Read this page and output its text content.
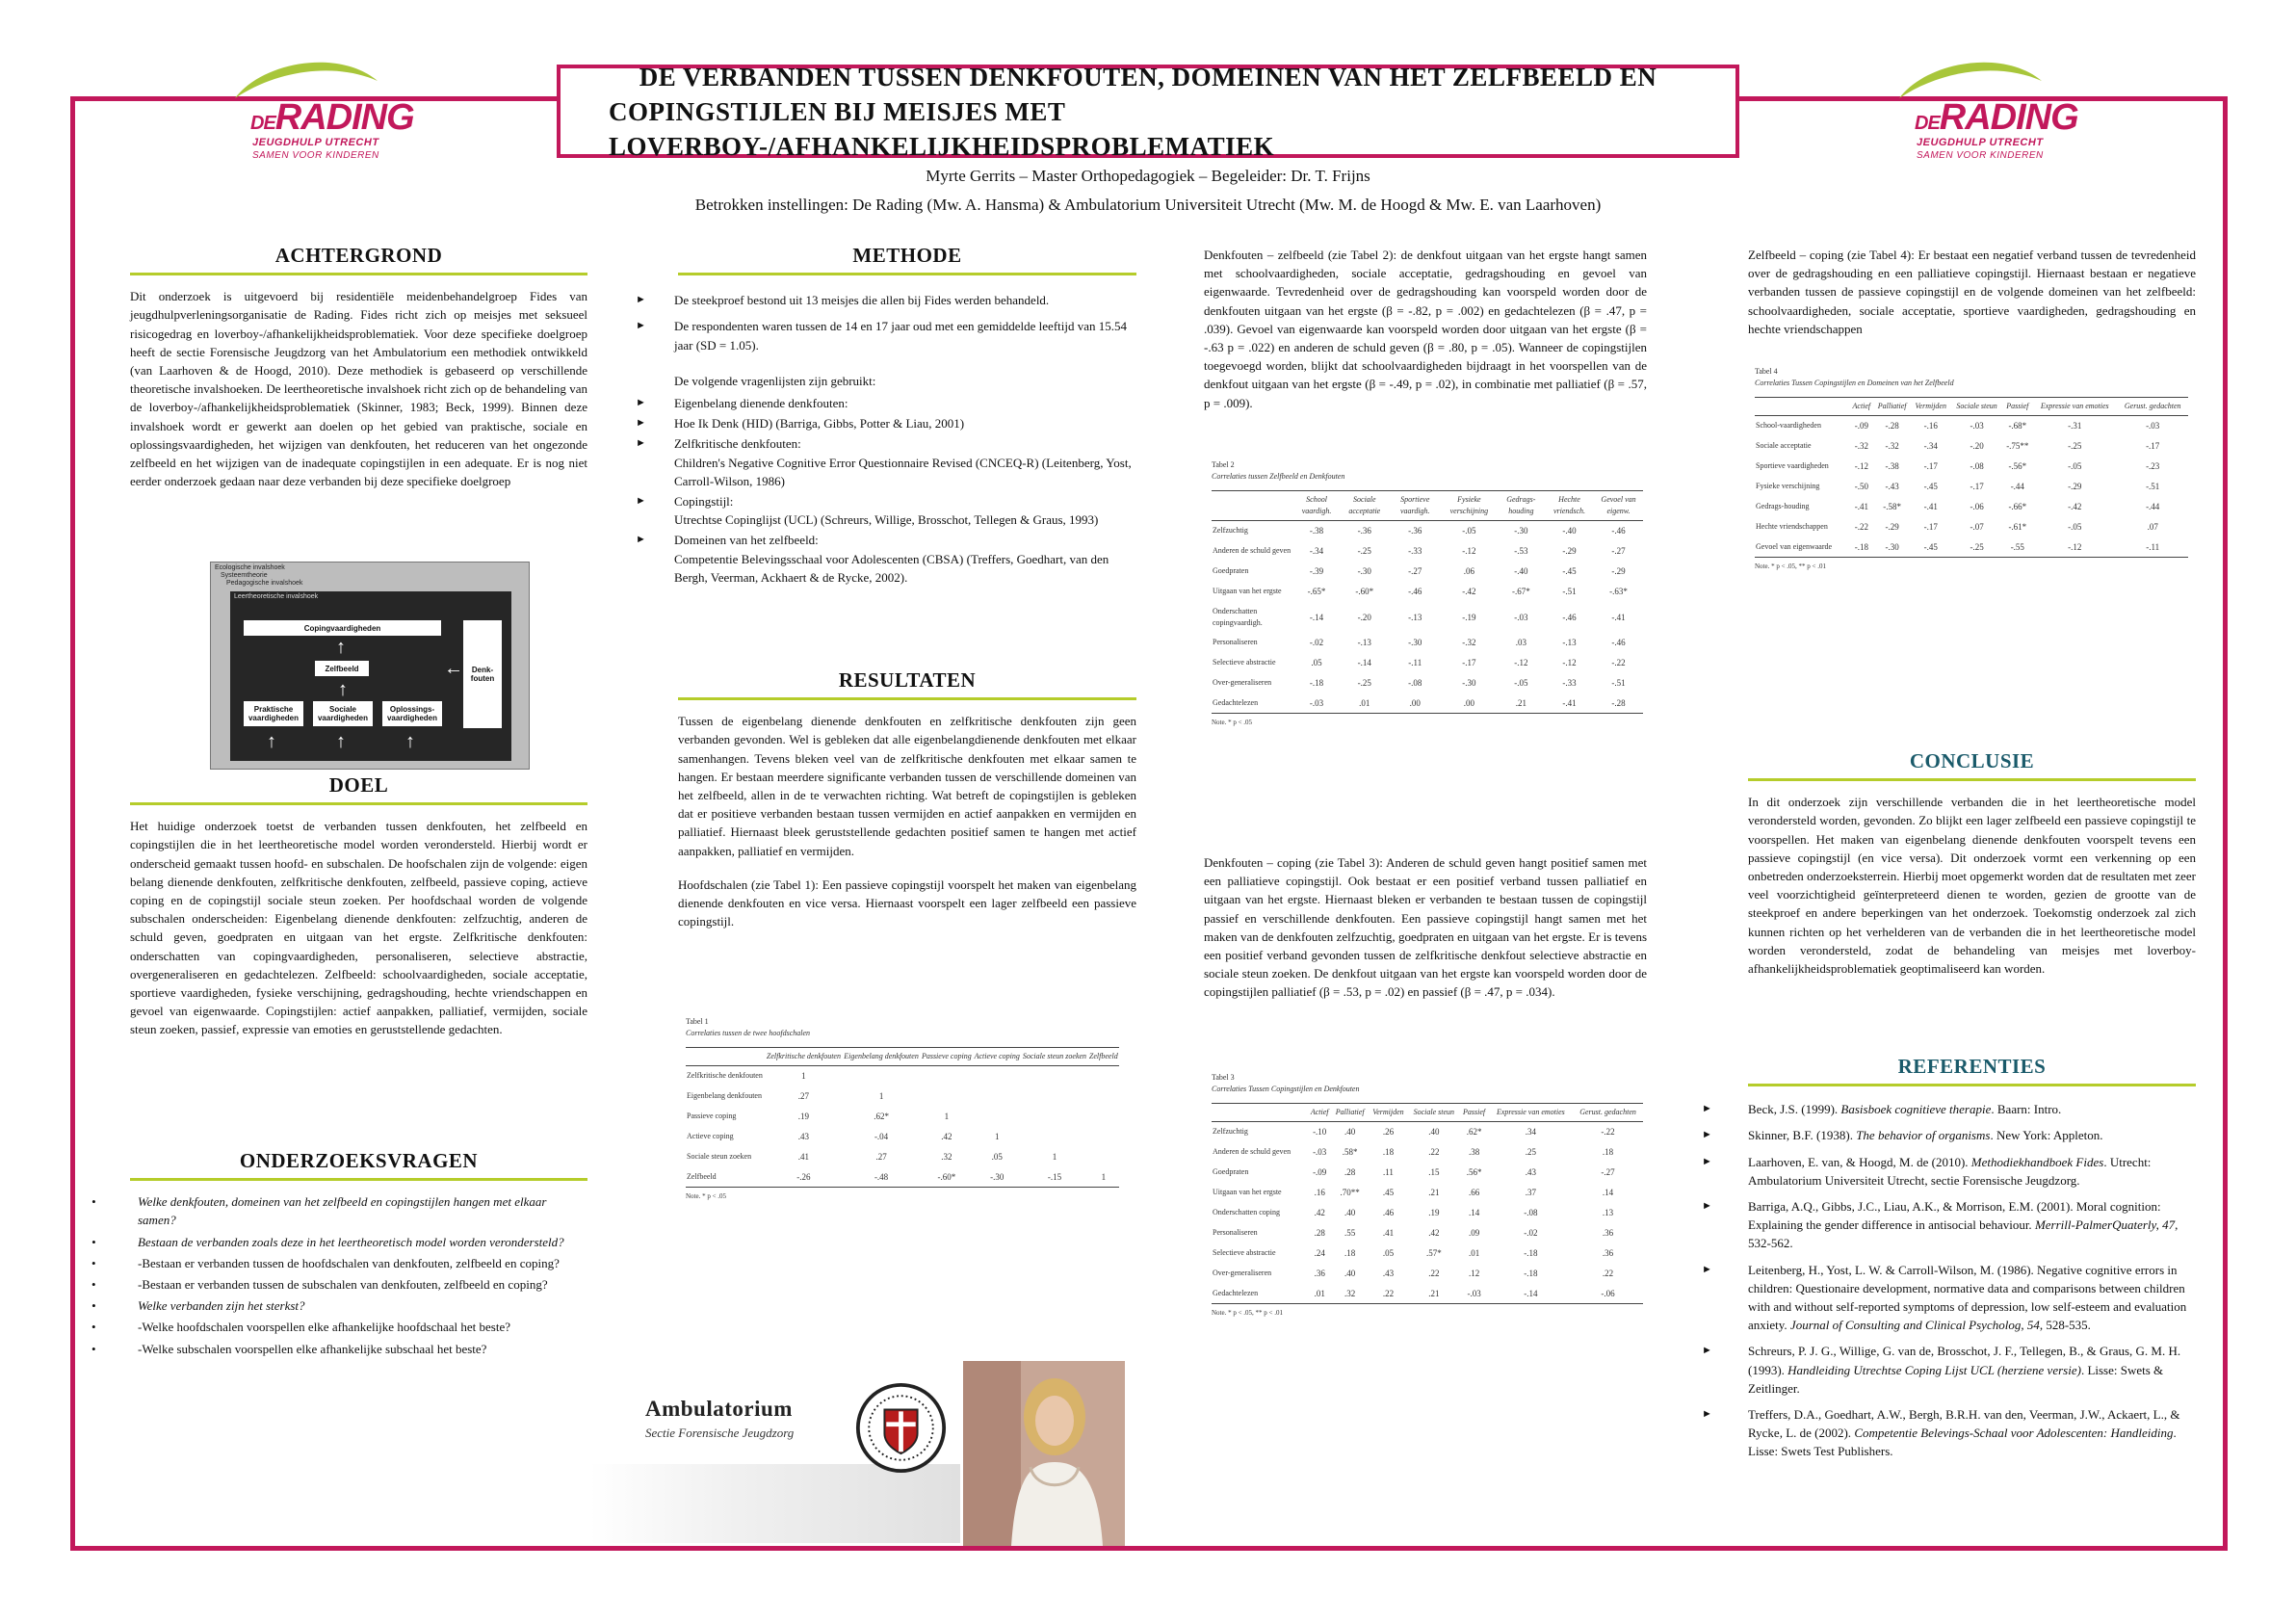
DERADING
JEUGDHULP UTRECHT
SAMEN VOOR KINDEREN
DERADING
JEUGDHULP UTRECHT
SAMEN VOOR KINDEREN
DE VERBANDEN TUSSEN DENKFOUTEN, DOMEINEN VAN HET ZELFBEELD EN
COPINGSTIJLEN BIJ MEISJES MET LOVERBOY-/AFHANKELIJKHEIDSPROBLEMATIEK
Myrte Gerrits – Master Orthopedagogiek – Begeleider: Dr. T. Frijns
Betrokken instellingen: De Rading (Mw. A. Hansma) & Ambulatorium Universiteit Utrecht (Mw. M. de Hoogd & Mw. E. van Laarhoven)
ACHTERGROND

Dit onderzoek is uitgevoerd bij residentiële meidenbehandelgroep Fides van jeugdhulpverleningsorganisatie de Rading. Fides richt zich op meisjes met seksueel risicogedrag en loverboy-/afhankelijkheidsproblematiek. Voor deze specifieke doelgroep heeft de sectie Forensische Jeugdzorg van het Ambulatorium een methodiek ontwikkeld (van Laarhoven & de Hoogd, 2010). Deze methodiek is gebaseerd op verschillende theoretische invalshoeken. De leertheoretische invalshoek richt zich op de behandeling van de loverboy-/afhankelijkheidsproblematiek (Skinner, 1983; Beck, 1999). Binnen deze invalshoek wordt er gewerkt aan doelen op het gebied van praktische, sociale en oplossingsvaardigheden, het wijzigen van denkfouten, het reduceren van het ongezonde zelfbeeld en het wijzigen van de inadequate copingstijlen in een adequate. Er is nog niet eerder onderzoek gedaan naar deze verbanden bij deze specifieke doelgroep

Ecologische invalshoek
Systeemtheorie
Pedagogische invalshoek
Leertheoretische invalshoek
Copingvaardigheden
↑
Zelfbeeld
↑
Praktische vaardigheden
Sociale vaardigheden
Oplossings-vaardigheden
↑	↑	↑
←	Denk-fouten
DOEL

Het huidige onderzoek toetst de verbanden tussen denkfouten, het zelfbeeld en copingstijlen die in het leertheoretische model worden verondersteld. Hierbij wordt er onderscheid gemaakt tussen hoofd- en subschalen. De hoofschalen zijn de volgende: eigen belang dienende denkfouten, zelfkritische denkfouten, zelfbeeld, passieve coping, actieve coping en de copingstijl sociale steun zoeken. Per hoofdschaal worden de volgende subschalen onderscheiden: Eigenbelang dienende denkfouten: zelfzuchtig, anderen de schuld geven, goedpraten en uitgaan van het ergste. Zelfkritische denkfouten: onderschatten van copingvaardigheden, personaliseren, selectieve abstractie, overgeneraliseren en gedachtelezen. Zelfbeeld: schoolvaardigheden, sociale acceptatie, sportieve vaardigheden, fysieke verschijning, gedragshouding, hechte vriendschappen en gevoel van eigenwaarde. Copingstijlen: actief aanpakken, palliatief, vermijden, sociale steun zoeken, passief, expressie van emoties en geruststellende gedachten.

ONDERZOEKSVRAGEN
• Welke denkfouten, domeinen van het zelfbeeld en copingstijlen hangen met elkaar samen?
• Bestaan de verbanden zoals deze in het leertheoretisch model worden verondersteld?
• -Bestaan er verbanden tussen de hoofdschalen van denkfouten, zelfbeeld en coping?
• -Bestaan er verbanden tussen de subschalen van denkfouten, zelfbeeld en coping?
• Welke verbanden zijn het sterkst?
• -Welke hoofdschalen voorspellen elke afhankelijke hoofdschaal het beste?
• -Welke subschalen voorspellen elke afhankelijke subschaal het beste?
METHODE
► De steekproef bestond uit 13 meisjes die allen bij Fides werden behandeld.
► De respondenten waren tussen de 14 en 17 jaar oud met een gemiddelde leeftijd van 15.54 jaar (SD = 1.05).

De volgende vragenlijsten zijn gebruikt:

► Eigenbelang dienende denkfouten:
► Hoe Ik Denk (HID) (Barriga, Gibbs, Potter & Liau, 2001)
► Zelfkritische denkfouten:
Children's Negative Cognitive Error Questionnaire Revised (CNCEQ-R) (Leitenberg, Yost, Carroll-Wilson, 1986)
► Copingstijl:
Utrechtse Copinglijst (UCL) (Schreurs, Willige, Brosschot, Tellegen & Graus, 1993)
► Domeinen van het zelfbeeld:
Competentie Belevingsschaal voor Adolescenten (CBSA) (Treffers, Goedhart, van den Bergh, Veerman, Ackhaert & de Rycke, 2002).
RESULTATEN

Tussen de eigenbelang dienende denkfouten en zelfkritische denkfouten zijn geen verbanden gevonden. Wel is gebleken dat alle eigenbelangdienende denkfouten met elkaar samenhangen. Tevens bleken veel van de zelfkritische denkfouten met elkaar samen te hangen. Er bestaan meerdere significante verbanden tussen de verschillende domeinen van het zelfbeeld, allen in de te verwachten richting. Wat betreft de copingstijlen is gebleken dat er positieve verbanden bestaan tussen vermijden en actief aanpakken en vermijden en palliatief. Hiernaast bleek geruststellende gedachten positief samen te hangen met actief aanpakken, palliatief en vermijden.

Hoofdschalen (zie Tabel 1): Een passieve copingstijl voorspelt het maken van eigenbelang dienende denkfouten en vice versa. Hiernaast voorspelt een lager zelfbeeld een passieve copingstijl.

Tabel 1
Correlaties tussen de twee hoofdschalen
	Zelfkritische denkfouten	Eigenbelang denkfouten	Passieve coping	Actieve coping	Sociale steun zoeken	Zelfbeeld
Zelfkritische denkfouten	1					
Eigenbelang denkfouten	.27	1				
Passieve coping	.19	.62*	1			
Actieve coping	.43	-.04	.42	1		
Sociale steun zoeken	.41	.27	.32	.05	1	
Zelfbeeld	-.26	-.48	-.60*	-.30	-.15	1
Note. * p < .05
Ambulatorium
Sectie Forensische Jeugdzorg

Denkfouten – zelfbeeld (zie Tabel 2): de denkfout uitgaan van het ergste hangt samen met schoolvaardigheden, sociale acceptatie, gedragshouding en gevoel van eigenwaarde. Tevredenheid over de gedragshouding kan voorspeld worden door de denkfouten uitgaan van het ergste (β = -.82, p = .002) en gedachtelezen (β = .47, p = .039). Gevoel van eigenwaarde kan voorspeld worden door uitgaan van het ergste (β = -.63 p = .022) en anderen de schuld geven (β = .80, p = .05). Wanneer de copingstijlen toegevoegd worden, blijkt dat schoolvaardigheden bijdraagt in het voorspellen van de denkfout uitgaan van het ergste (β = -.49, p = .02), in combinatie met palliatief (β = .57, p = .009).

Tabel 2
Correlaties tussen Zelfbeeld en Denkfouten
	School vaardigh.	Sociale acceptatie	Sportieve vaardigh.	Fysieke verschijning	Gedrags-houding	Hechte vriendsch.	Gevoel van eigenw.
Zelfzuchtig	-.38	-.36	-.36	-.05	-.30	-.40	-.46
Anderen de schuld geven	-.34	-.25	-.33	-.12	-.53	-.29	-.27
Goedpraten	-.39	-.30	-.27	.06	-.40	-.45	-.29
Uitgaan van het ergste	-.65*	-.60*	-.46	-.42	-.67*	-.51	-.63*
Onderschatten copingvaardigh.	-.14	-.20	-.13	-.19	-.03	-.46	-.41
Personaliseren	-.02	-.13	-.30	-.32	.03	-.13	-.46
Selectieve abstractie	.05	-.14	-.11	-.17	-.12	-.12	-.22
Over-generaliseren	-.18	-.25	-.08	-.30	-.05	-.33	-.51
Gedachtelezen	-.03	.01	.00	.00	.21	-.41	-.28
Note. * p < .05

Denkfouten – coping (zie Tabel 3): Anderen de schuld geven hangt positief samen met een palliatieve copingstijl. Ook bestaat er een positief verband tussen palliatief en uitgaan van het ergste. Hiernaast bleken er verbanden te bestaan tussen de copingstijl passief en verschillende denkfouten. Een passieve copingstijl hangt samen met het maken van de denkfouten zelfzuchtig, goedpraten en uitgaan van het ergste. Er is tevens een positief verband gevonden tussen de zelfkritische denkfout selectieve abstractie en sociale steun zoeken. De denkfout uitgaan van het ergste kan voorspeld worden door de copingstijlen palliatief (β = .53, p = .02) en passief (β = .47, p = .034).

Tabel 3
Correlaties Tussen Copingstijlen en Denkfouten
	Actief	Palliatief	Vermijden	Sociale steun	Passief	Expressie van emoties	Gerust. gedachten
Zelfzuchtig	-.10	.40	.26	.40	.62*	.34	-.22
Anderen de schuld geven	-.03	.58*	.18	.22	.38	.25	.18
Goedpraten	-.09	.28	.11	.15	.56*	.43	-.27
Uitgaan van het ergste	.16	.70**	.45	.21	.66	.37	.14
Onderschatten coping	.42	.40	.46	.19	.14	-.08	.13
Personaliseren	.28	.55	.41	.42	.09	-.02	.36
Selectieve abstractie	.24	.18	.05	.57*	.01	-.18	.36
Over-generaliseren	.36	.40	.43	.22	.12	-.18	.22
Gedachtelezen	.01	.32	.22	.21	-.03	-.14	-.06
Note. * p < .05, ** p < .01

Zelfbeeld – coping (zie Tabel 4): Er bestaat een negatief verband tussen de tevredenheid over de gedragshouding en een palliatieve copingstijl. Hiernaast bestaan er negatieve verbanden tussen de passieve copingstijl en de volgende domeinen van het zelfbeeld: schoolvaardigheden, sociale acceptatie, sportieve vaardigheden, gedragshouding en hechte vriendschappen

Tabel 4
Correlaties Tussen Copingstijlen en Domeinen van het Zelfbeeld
	Actief	Palliatief	Vermijden	Sociale steun	Passief	Expressie van emoties	Gerust. gedachten
School-vaardigheden	-.09	-.28	-.16	-.03	-.68*	-.31	-.03
Sociale acceptatie	-.32	-.32	-.34	-.20	-.75**	-.25	-.17
Sportieve vaardigheden	-.12	-.38	-.17	-.08	-.56*	-.05	-.23
Fysieke verschijning	-.50	-.43	-.45	-.17	-.44	-.29	-.51
Gedrags-houding	-.41	-.58*	-.41	-.06	-.66*	-.42	-.44
Hechte vriendschappen	-.22	-.29	-.17	-.07	-.61*	-.05	.07
Gevoel van eigenwaarde	-.18	-.30	-.45	-.25	-.55	-.12	-.11
Note. * p < .05, ** p < .01
CONCLUSIE

In dit onderzoek zijn verschillende verbanden die in het leertheoretische model verondersteld worden, gevonden. Zo blijkt een lager zelfbeeld een passieve copingstijl te voorspellen. Het maken van eigenbelang dienende denkfouten voorspelt tevens een passieve copingstijl (en vice versa). Dit onderzoek vormt een verkenning op een onbetreden onderzoeksterrein. Hierbij moet opgemerkt worden dat de resultaten met zeer veel voorzichtigheid geïnterpreteerd dienen te worden, gezien de grootte van de steekproef en andere beperkingen van het onderzoek. Toekomstig onderzoek zal zich kunnen richten op het verhelderen van de verbanden die in het leertheoretische model worden verondersteld, zodat de behandeling van meisjes met loverboy-afhankelijkheidsproblematiek geoptimaliseerd kan worden.

REFERENTIES
► Beck, J.S. (1999). Basisboek cognitieve therapie. Baarn: Intro.
► Skinner, B.F. (1938). The behavior of organisms. New York: Appleton.
► Laarhoven, E. van, & Hoogd, M. de (2010). Methodiekhandboek Fides. Utrecht: Ambulatorium Universiteit Utrecht, sectie Forensische Jeugdzorg.
► Barriga, A.Q., Gibbs, J.C., Liau, A.K., & Morrison, E.M. (2001). Moral cognition: Explaining the gender difference in antisocial behaviour. Merrill-PalmerQuaterly, 47, 532-562.
► Leitenberg, H., Yost, L. W. & Carroll-Wilson, M. (1986). Negative cognitive errors in children: Questionaire development, normative data and comparisons between children with and without self-reported symptoms of depression, low self-esteem and evaluation anxiety. Journal of Consulting and Clinical Psycholog, 54, 528-535.
► Schreurs, P. J. G., Willige, G. van de, Brosschot, J. F., Tellegen, B., & Graus, G. M. H. (1993). Handleiding Utrechtse Coping Lijst UCL (herziene versie). Lisse: Swets & Zeitlinger.
► Treffers, D.A., Goedhart, A.W., Bergh, B.R.H. van den, Veerman, J.W., Ackaert, L., & Rycke, L. de (2002). Competentie Belevings-Schaal voor Adolescenten: Handleiding. Lisse: Swets Test Publishers.
